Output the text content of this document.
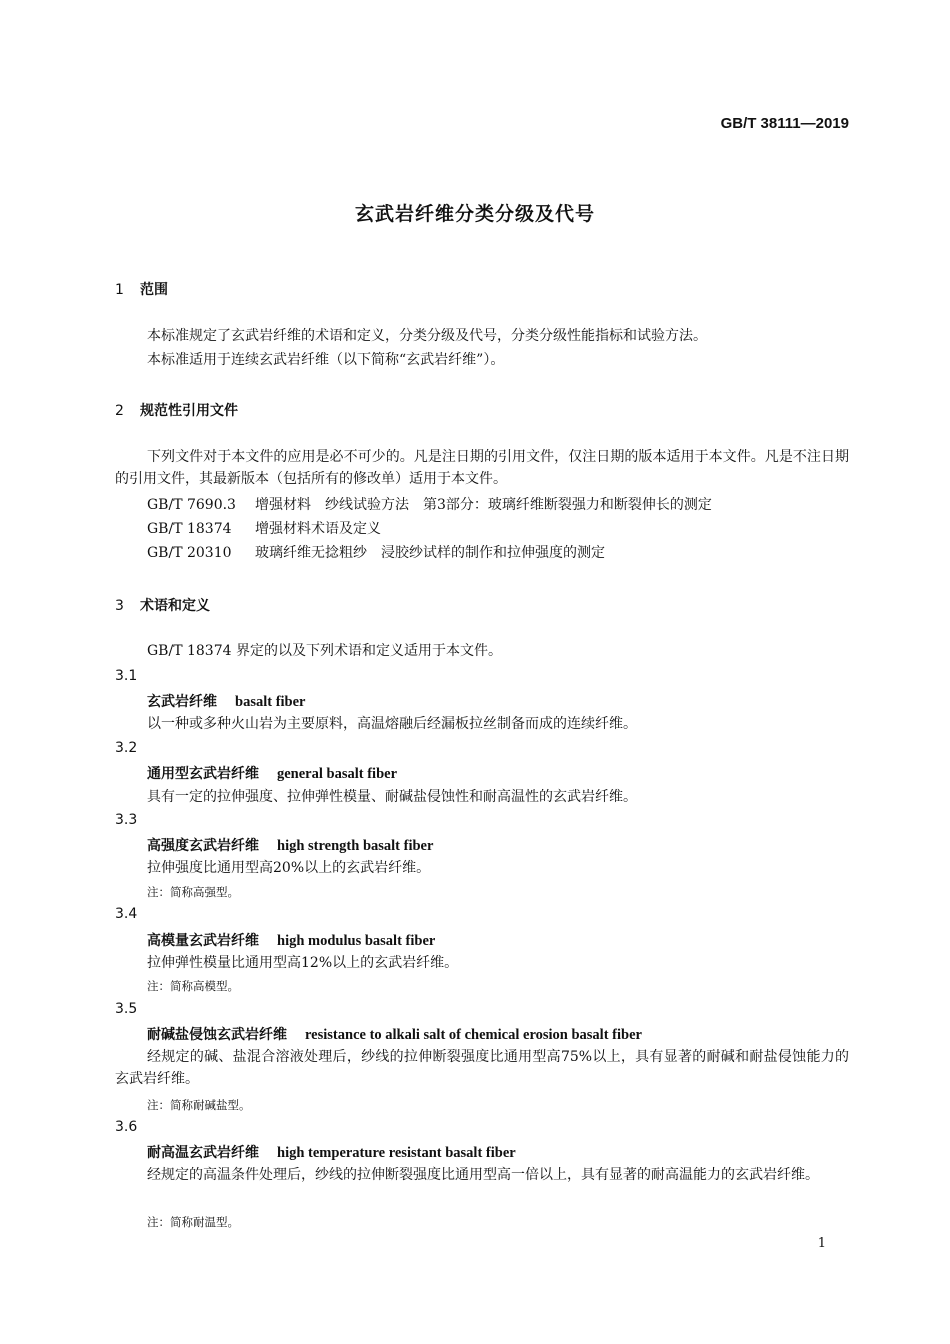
GB/T 38111—2019
玄武岩纤维分类分级及代号
1 范围
本标准规定了玄武岩纤维的术语和定义，分类分级及代号，分类分级性能指标和试验方法。
本标准适用于连续玄武岩纤维（以下简称“玄武岩纤维”）。
2 规范性引用文件
下列文件对于本文件的应用是必不可少的。凡是注日期的引用文件，仅注日期的版本适用于本文件。凡是不注日期的引用文件，其最新版本（包括所有的修改单）适用于本文件。
GB/T 7690.3 增强材料　纱线试验方法　第3部分：玻璃纤维断裂强力和断裂伸长的测定
GB/T 18374 增强材料术语及定义
GB/T 20310 玻璃纤维无捻粗纱　浸胶纱试样的制作和拉伸强度的测定
3 术语和定义
GB/T 18374 界定的以及下列术语和定义适用于本文件。
3.1
玄武岩纤维 basalt fiber
以一种或多种火山岩为主要原料，高温熔融后经漏板拉丝制备而成的连续纤维。
3.2
通用型玄武岩纤维 general basalt fiber
具有一定的拉伸强度、拉伸弹性模量、耐碱盐侵蚀性和耐高温性的玄武岩纤维。
3.3
高强度玄武岩纤维 high strength basalt fiber
拉伸强度比通用型高20%以上的玄武岩纤维。
注：简称高强型。
3.4
高模量玄武岩纤维 high modulus basalt fiber
拉伸弹性模量比通用型高12%以上的玄武岩纤维。
注：简称高模型。
3.5
耐碱盐侵蚀玄武岩纤维 resistance to alkali salt of chemical erosion basalt fiber
经规定的碱、盐混合溶液处理后，纱线的拉伸断裂强度比通用型高75%以上，具有显著的耐碱和耐盐侵蚀能力的玄武岩纤维。
注：简称耐碱盐型。
3.6
耐高温玄武岩纤维 high temperature resistant basalt fiber
经规定的高温条件处理后，纱线的拉伸断裂强度比通用型高一倍以上，具有显著的耐高温能力的玄武岩纤维。
注：简称耐温型。
1
